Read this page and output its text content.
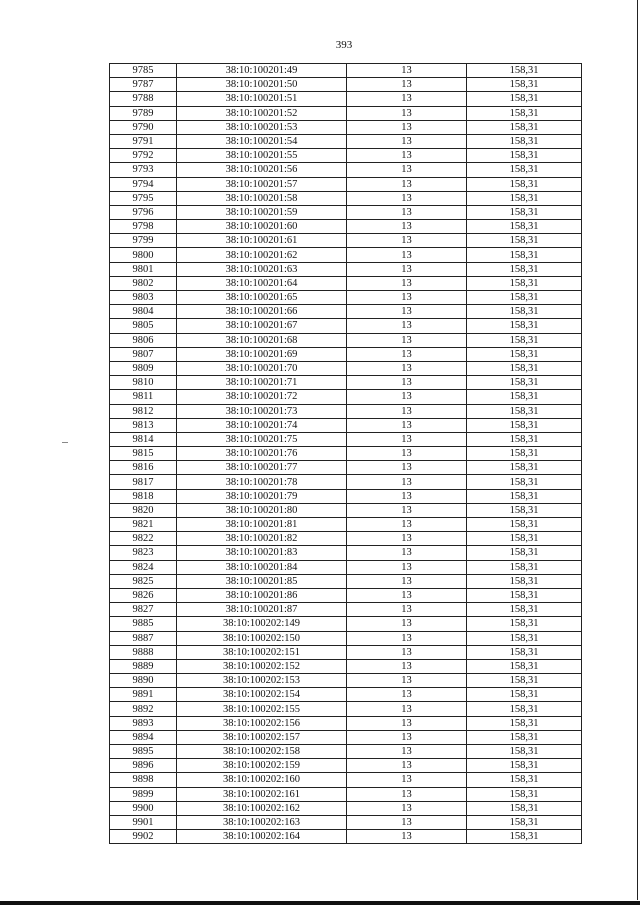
393
9785	38:10:100201:49	13	158,31
9787	38:10:100201:50	13	158,31
9788	38:10:100201:51	13	158,31
9789	38:10:100201:52	13	158,31
9790	38:10:100201:53	13	158,31
9791	38:10:100201:54	13	158,31
9792	38:10:100201:55	13	158,31
9793	38:10:100201:56	13	158,31
9794	38:10:100201:57	13	158,31
9795	38:10:100201:58	13	158,31
9796	38:10:100201:59	13	158,31
9798	38:10:100201:60	13	158,31
9799	38:10:100201:61	13	158,31
9800	38:10:100201:62	13	158,31
9801	38:10:100201:63	13	158,31
9802	38:10:100201:64	13	158,31
9803	38:10:100201:65	13	158,31
9804	38:10:100201:66	13	158,31
9805	38:10:100201:67	13	158,31
9806	38:10:100201:68	13	158,31
9807	38:10:100201:69	13	158,31
9809	38:10:100201:70	13	158,31
9810	38:10:100201:71	13	158,31
9811	38:10:100201:72	13	158,31
9812	38:10:100201:73	13	158,31
9813	38:10:100201:74	13	158,31
9814	38:10:100201:75	13	158,31
9815	38:10:100201:76	13	158,31
9816	38:10:100201:77	13	158,31
9817	38:10:100201:78	13	158,31
9818	38:10:100201:79	13	158,31
9820	38:10:100201:80	13	158,31
9821	38:10:100201:81	13	158,31
9822	38:10:100201:82	13	158,31
9823	38:10:100201:83	13	158,31
9824	38:10:100201:84	13	158,31
9825	38:10:100201:85	13	158,31
9826	38:10:100201:86	13	158,31
9827	38:10:100201:87	13	158,31
9885	38:10:100202:149	13	158,31
9887	38:10:100202:150	13	158,31
9888	38:10:100202:151	13	158,31
9889	38:10:100202:152	13	158,31
9890	38:10:100202:153	13	158,31
9891	38:10:100202:154	13	158,31
9892	38:10:100202:155	13	158,31
9893	38:10:100202:156	13	158,31
9894	38:10:100202:157	13	158,31
9895	38:10:100202:158	13	158,31
9896	38:10:100202:159	13	158,31
9898	38:10:100202:160	13	158,31
9899	38:10:100202:161	13	158,31
9900	38:10:100202:162	13	158,31
9901	38:10:100202:163	13	158,31
9902	38:10:100202:164	13	158,31
